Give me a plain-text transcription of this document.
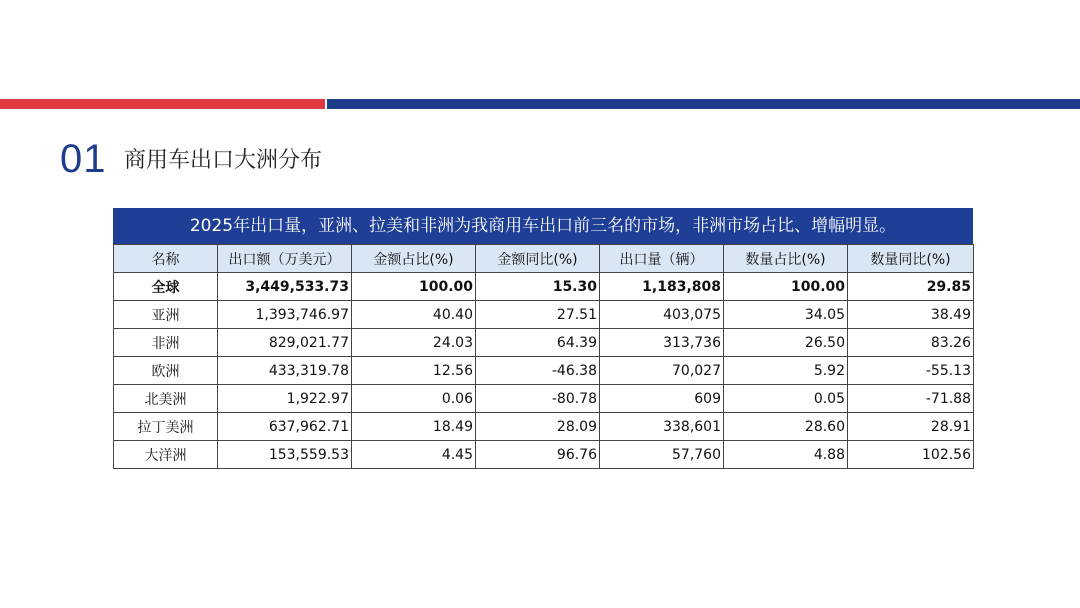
01 商用车出口大洲分布
2025年出口量，亚洲、拉美和非洲为我商用车出口前三名的市场，非洲市场占比、增幅明显。
名称	出口额（万美元）	金额占比(%)	金额同比(%)	出口量（辆）	数量占比(%)	数量同比(%)
全球	3,449,533.73	100.00	15.30	1,183,808	100.00	29.85
亚洲	1,393,746.97	40.40	27.51	403,075	34.05	38.49
非洲	829,021.77	24.03	64.39	313,736	26.50	83.26
欧洲	433,319.78	12.56	-46.38	70,027	5.92	-55.13
北美洲	1,922.97	0.06	-80.78	609	0.05	-71.88
拉丁美洲	637,962.71	18.49	28.09	338,601	28.60	28.91
大洋洲	153,559.53	4.45	96.76	57,760	4.88	102.56
